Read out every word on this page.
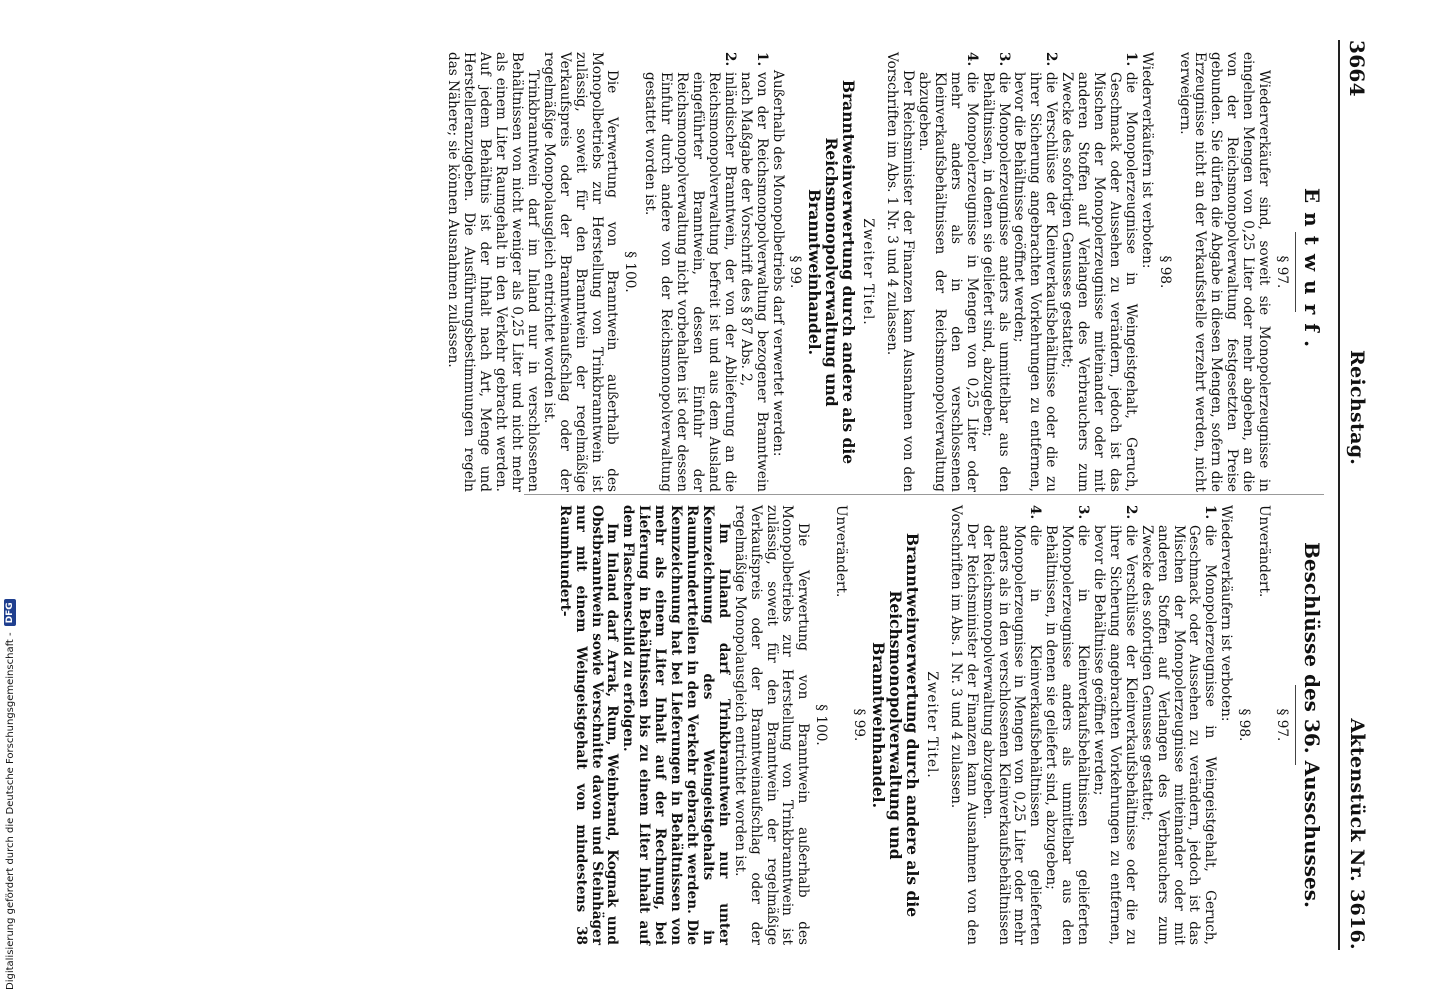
Digitalisierung gefördert durch die Deutsche Forschungsgemeinschaft -
DFG
3664
Reichstag.
Aktenstück Nr. 3616.
Entwurf.
§ 97.

Wiederverkäufer sind, soweit sie Monopolerzeugnisse in eingelnen Mengen von 0,25 Liter oder mehr abgeben, an die von der Reichsmonopolverwaltung festgesetzten Preise gebunden. Sie dürfen die Abgabe in diesen Mengen, sofern die Erzeugnisse nicht an der Verkaufsstelle verzehrt werden, nicht verweigern.

§ 98.

Wiederverkäufern ist verboten:

1.
die Monopolerzeugnisse in Weingeistgehalt, Geruch, Geschmack oder Aussehen zu verändern, jedoch ist das Mischen der Monopolerzeugnisse miteinander oder mit anderen Stoffen auf Verlangen des Verbrauchers zum Zwecke des sofortigen Genusses gestattet;
2.
die Verschlüsse der Kleinverkaufsbehältnisse oder die zu ihrer Sicherung angebrachten Vorkehrungen zu entfernen, bevor die Behältnisse geöffnet werden;
3.
die Monopolerzeugnisse anders als unmittelbar aus den Behältnissen, in denen sie geliefert sind, abzugeben;
4.
die Monopolerzeugnisse in Mengen von 0,25 Liter oder mehr anders als in den verschlossenen Kleinverkaufsbehältnissen der Reichsmonopolverwaltung abzugeben.

Der Reichsminister der Finanzen kann Ausnahmen von den Vorschriften im Abs. 1 Nr. 3 und 4 zulassen.

Zweiter Titel.
Branntweinverwertung durch andere als die Reichsmonopolverwaltung und Branntweinhandel.
§ 99.

Außerhalb des Monopolbetriebs darf verwertet werden:

1.
von der Reichsmonopolverwaltung bezogener Branntwein nach Maßgabe der Vorschrift des § 87 Abs. 2,
2.
inländischer Branntwein, der von der Ablieferung an die Reichsmonopolverwaltung befreit ist und aus dem Ausland eingeführter Branntwein, dessen Einfuhr der Reichsmonopolverwaltung nicht vorbehalten ist oder dessen Einfuhr durch andere von der Reichsmonopolverwaltung gestattet worden ist.
§ 100.

Die Verwertung von Branntwein außerhalb des Monopolbetriebs zur Herstellung von Trinkbranntwein ist zulässig, soweit für den Branntwein der regelmäßige Verkaufspreis oder der Branntweinaufschlag oder der regelmäßige Monopolausgleich entrichtet worden ist.

Trinkbranntwein darf im Inland nur in verschlossenen Behältnissen von nicht weniger als 0,25 Liter und nicht mehr als einem Liter Raumgehalt in den Verkehr gebracht werden. Auf jedem Behältnis ist der Inhalt nach Art, Menge und Herstelleranzugeben. Die Ausführungsbestimmungen regeln das Nähere; sie können Ausnahmen zulassen.

Beschlüsse des 36. Ausschusses.
§ 97.

Unverändert.

§ 98.

Wiederverkäufern ist verboten:

1.
die Monopolerzeugnisse in Weingeistgehalt, Geruch, Geschmack oder Aussehen zu verändern, jedoch ist das Mischen der Monopolerzeugnisse miteinander oder mit anderen Stoffen auf Verlangen des Verbrauchers zum Zwecke des sofortigen Genusses gestattet;
2.
die Verschlüsse der Kleinverkaufsbehältnisse oder die zu ihrer Sicherung angebrachten Vorkehrungen zu entfernen, bevor die Behältnisse geöffnet werden;
3.
die in Kleinverkaufsbehältnissen gelieferten Monopolerzeugnisse anders als unmittelbar aus den Behältnissen, in denen sie geliefert sind, abzugeben;
4.
die in Kleinverkaufsbehältnissen gelieferten Monopolerzeugnisse in Mengen von 0,25 Liter oder mehr anders als in den verschlossenen Kleinverkaufsbehältnissen der Reichsmonopolverwaltung abzugeben.

Der Reichsminister der Finanzen kann Ausnahmen von den Vorschriften im Abs. 1 Nr. 3 und 4 zulassen.

Zweiter Titel.
Branntweinverwertung durch andere als die Reichsmonopolverwaltung und Branntweinhandel.
§ 99.

Unverändert.

§ 100.

Die Verwertung von Branntwein außerhalb des Monopolbetriebs zur Herstellung von Trinkbranntwein ist zulässig, soweit für den Branntwein der regelmäßige Verkaufspreis oder der Branntweinaufschlag oder der regelmäßige Monopolausgleich entrichtet worden ist.

Im Inland darf Trinkbranntwein nur unter Kennzeichnung des Weingeistgehalts in Raumhundertteilen in den Verkehr gebracht werden. Die Kennzeichnung hat bei Lieferungen in Behältnissen von mehr als einem Liter Inhalt auf der Rechnung, bei Lieferung in Behältnissen bis zu einem Liter Inhalt auf dem Flaschenschild zu erfolgen.

Im Inland darf Arrak, Rum, Weinbrand, Kognak und Obstbranntwein sowie Verschnitte davon und Steinhäger nur mit einem Weingeistgehalt von mindestens 38 Raumhundert-
